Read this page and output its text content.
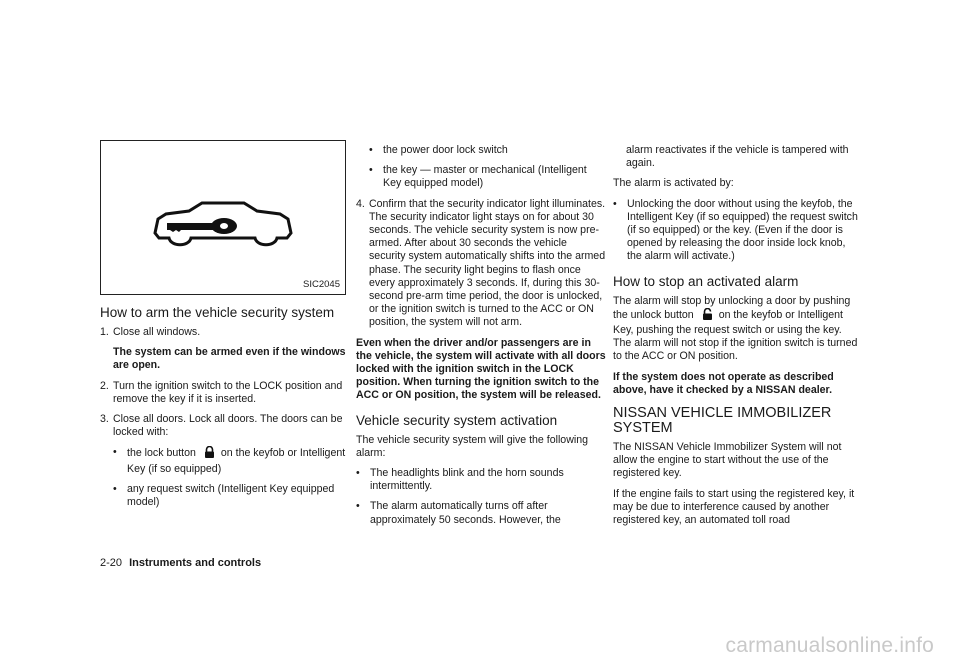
SIC2045
How to arm the vehicle security system
1. Close all windows.

The system can be armed even if the windows are open.

2. Turn the ignition switch to the LOCK position and remove the key if it is inserted.
3. Close all doors. Lock all doors. The doors can be locked with:
• the lock button on the keyfob or Intelligent Key (if so equipped)
• any request switch (Intelligent Key equipped model)
• the power door lock switch
• the key — master or mechanical (Intelligent Key equipped model)
4. Confirm that the security indicator light illuminates. The security indicator light stays on for about 30 seconds. The vehicle security system is now pre-armed. After about 30 seconds the vehicle security system automatically shifts into the armed phase. The security light begins to flash once every approximately 3 seconds. If, during this 30-second pre-arm time period, the door is unlocked, or the ignition switch is turned to the ACC or ON position, the system will not arm.

Even when the driver and/or passengers are in the vehicle, the system will activate with all doors locked with the ignition switch in the LOCK position. When turning the ignition switch to the ACC or ON position, the system will be released.

Vehicle security system activation

The vehicle security system will give the following alarm:

• The headlights blink and the horn sounds intermittently.
• The alarm automatically turns off after approximately 50 seconds. However, the

alarm reactivates if the vehicle is tampered with again.

The alarm is activated by:

• Unlocking the door without using the keyfob, the Intelligent Key (if so equipped) the request switch (if so equipped) or the key. (Even if the door is opened by releasing the door inside lock knob, the alarm will activate.)
How to stop an activated alarm

The alarm will stop by unlocking a door by pushing the unlock button on the keyfob or Intelligent Key, pushing the request switch or using the key. The alarm will not stop if the ignition switch is turned to the ACC or ON position.

If the system does not operate as described above, have it checked by a NISSAN dealer.

NISSAN VEHICLE IMMOBILIZER SYSTEM

The NISSAN Vehicle Immobilizer System will not allow the engine to start without the use of the registered key.

If the engine fails to start using the registered key, it may be due to interference caused by another registered key, an automated toll road

2-20 Instruments and controls
carmanualsonline.info
